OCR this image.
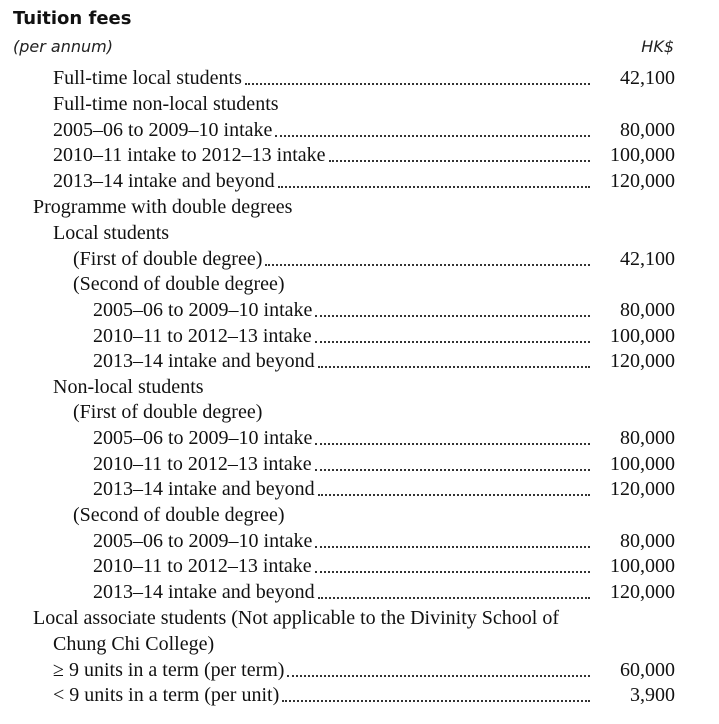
Tuition fees
(per annum)	HK$
Full-time local students	42,100
Full-time non-local students
2005–06 to 2009–10 intake	80,000
2010–11 intake to 2012–13 intake	100,000
2013–14 intake and beyond	120,000
Programme with double degrees
Local students
(First of double degree)	42,100
(Second of double degree)
2005–06 to 2009–10 intake	80,000
2010–11 to 2012–13 intake	100,000
2013–14 intake and beyond	120,000
Non-local students
(First of double degree)
2005–06 to 2009–10 intake	80,000
2010–11 to 2012–13 intake	100,000
2013–14 intake and beyond	120,000
(Second of double degree)
2005–06 to 2009–10 intake	80,000
2010–11 to 2012–13 intake	100,000
2013–14 intake and beyond	120,000
Local associate students (Not applicable to the Divinity School of
Chung Chi College)
≥ 9 units in a term (per term)	60,000
< 9 units in a term (per unit)	3,900
